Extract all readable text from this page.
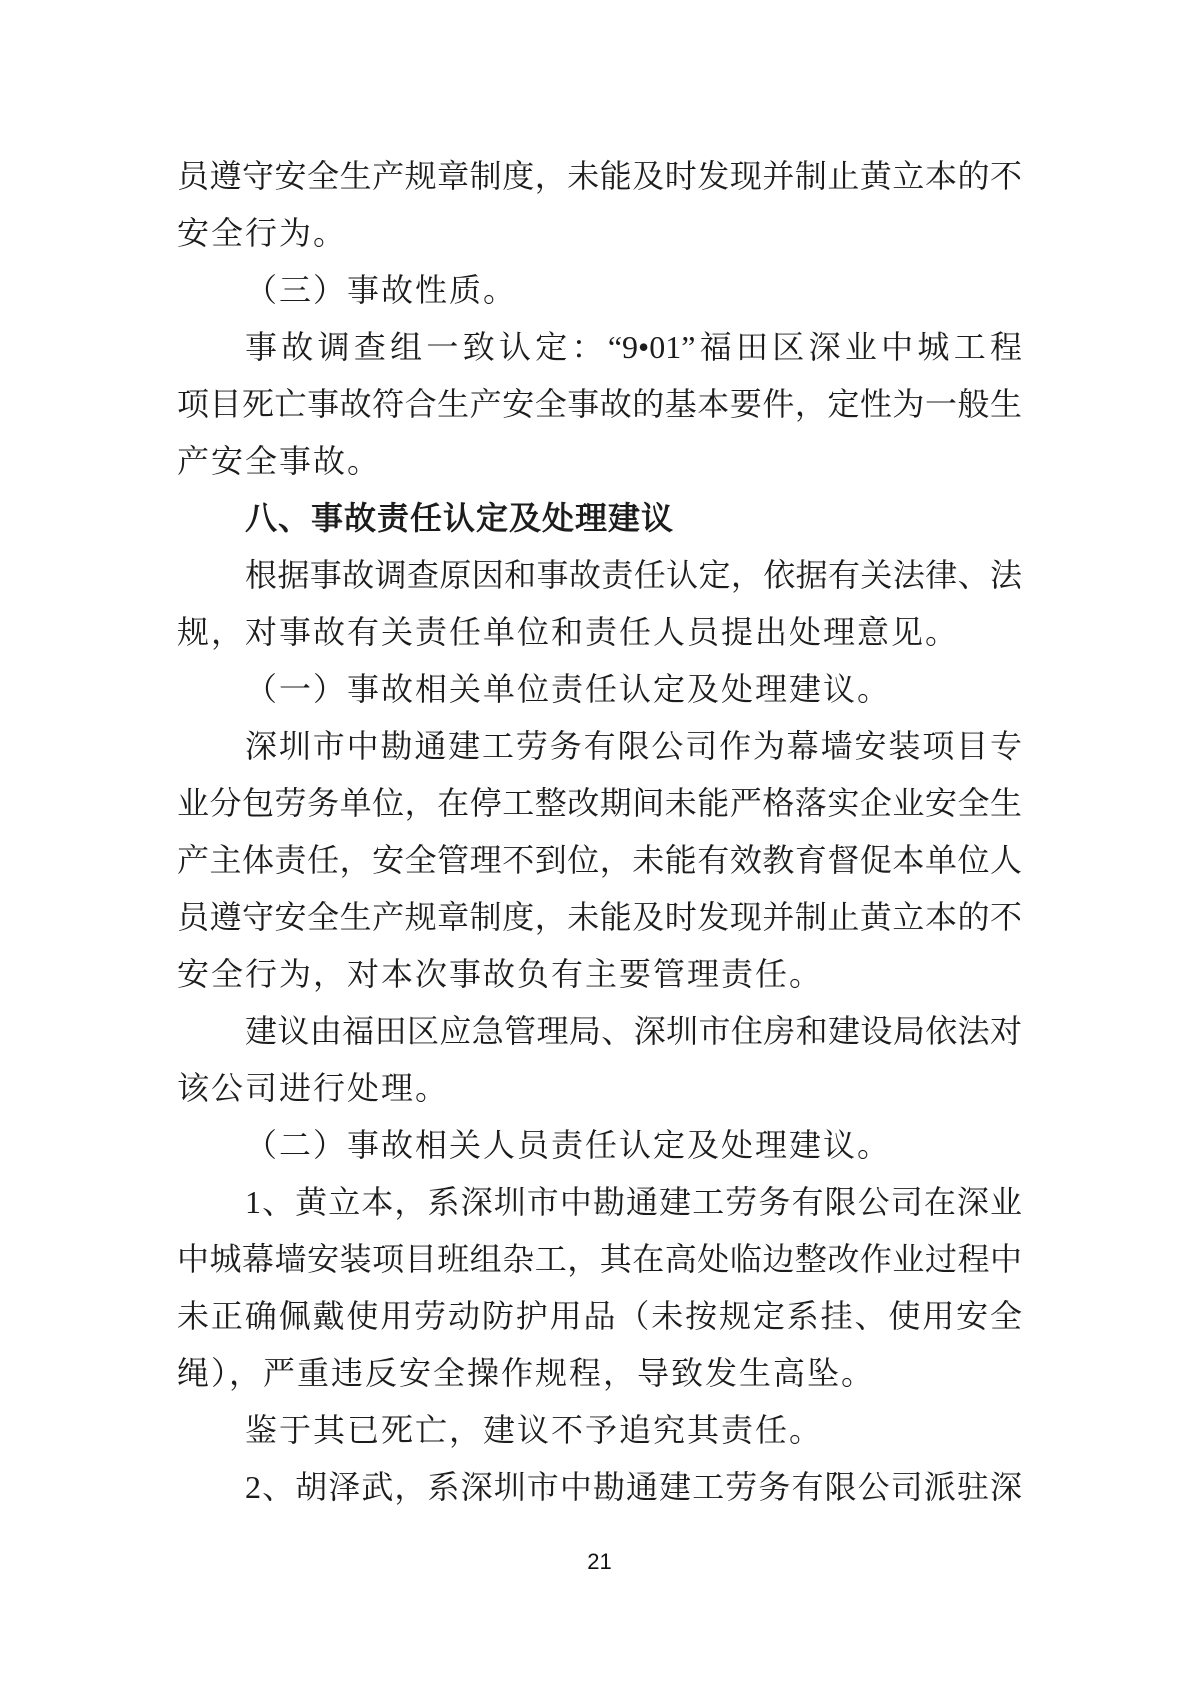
员遵守安全生产规章制度，未能及时发现并制止黄立本的不
安全行为。
（三）事故性质。
事故调查组一致认定：“9•01”福田区深业中城工程
项目死亡事故符合生产安全事故的基本要件，定性为一般生
产安全事故。
八、事故责任认定及处理建议
根据事故调查原因和事故责任认定，依据有关法律、法
规，对事故有关责任单位和责任人员提出处理意见。
（一）事故相关单位责任认定及处理建议。
深圳市中勘通建工劳务有限公司作为幕墙安装项目专
业分包劳务单位，在停工整改期间未能严格落实企业安全生
产主体责任，安全管理不到位，未能有效教育督促本单位人
员遵守安全生产规章制度，未能及时发现并制止黄立本的不
安全行为，对本次事故负有主要管理责任。
建议由福田区应急管理局、深圳市住房和建设局依法对
该公司进行处理。
（二）事故相关人员责任认定及处理建议。
1、黄立本，系深圳市中勘通建工劳务有限公司在深业
中城幕墙安装项目班组杂工，其在高处临边整改作业过程中
未正确佩戴使用劳动防护用品（未按规定系挂、使用安全
绳），严重违反安全操作规程，导致发生高坠。
鉴于其已死亡，建议不予追究其责任。
2、胡泽武，系深圳市中勘通建工劳务有限公司派驻深
21
